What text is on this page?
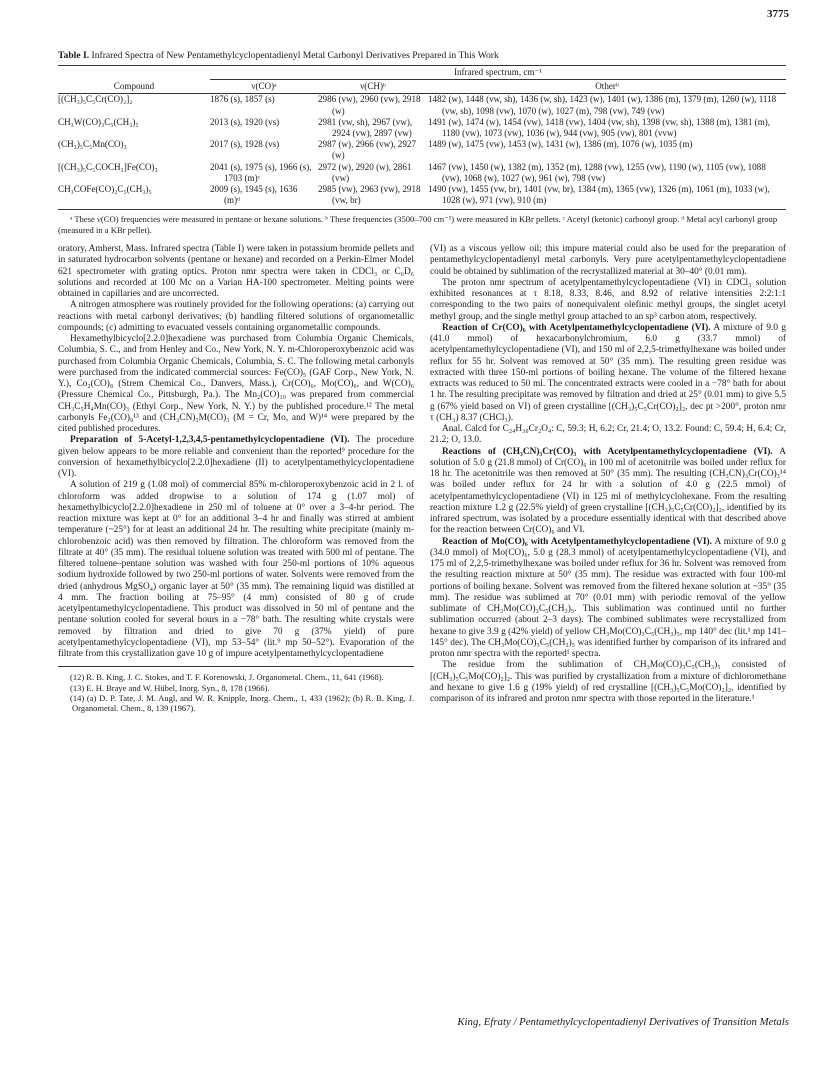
3775
Table I. Infrared Spectra of New Pentamethylcyclopentadienyl Metal Carbonyl Derivatives Prepared in This Work
	Infrared spectrum, cm⁻¹		
Compound	ν(CO)ᵃ	ν(CH)ᵇ	Otherᵇ
[(CH₃)₅C₅Cr(CO)₂]₂	1876 (s), 1857 (s)	2986 (vw), 2960 (vw), 2918 (w)	1482 (w), 1448 (vw, sh), 1436 (w, sh), 1423 (w), 1401 (w), 1386 (m), 1379 (m), 1260 (w), 1118 (vw, sh), 1098 (vw), 1070 (w), 1027 (m), 798 (vw), 749 (vw)

CH₃W(CO)₃C₅(CH₃)₅	2013 (s), 1920 (vs)	2981 (vw, sh), 2967 (vw), 2924 (vw), 2897 (vw)	1491 (w), 1474 (w), 1454 (vw), 1418 (vw), 1404 (vw, sh), 1398 (vw, sh), 1388 (m), 1381 (m), 1180 (vw), 1073 (vw), 1036 (w), 944 (vw), 905 (vw), 801 (vvw)

(CH₃)₅C₅Mn(CO)₃	2017 (s), 1928 (vs)	2987 (w), 2966 (vw), 2927 (w)	1489 (w), 1475 (vw), 1453 (w), 1431 (w), 1386 (m), 1076 (w), 1035 (m)

[(CH₃)₅C₅COCH₃]Fe(CO)₃	2041 (s), 1975 (s), 1966 (s), 1703 (m)ᶜ	2972 (w), 2920 (w), 2861 (vw)	1467 (vw), 1450 (w), 1382 (m), 1352 (m), 1288 (vw), 1255 (vw), 1190 (w), 1105 (vw), 1088 (vw), 1068 (w), 1027 (w), 961 (w), 798 (vw)

CH₃COFe(CO)₂C₅(CH₃)₅	2009 (s), 1945 (s), 1636 (m)ᵈ	2985 (vw), 2963 (vw), 2918 (vw, br)	1490 (vw), 1455 (vw, br), 1401 (vw, br), 1384 (m), 1365 (vw), 1326 (m), 1061 (m), 1033 (w), 1028 (w), 971 (vw), 910 (m)
ᵃ These ν(CO) frequencies were measured in pentane or hexane solutions. ᵇ These frequencies (3500–700 cm⁻¹) were measured in KBr pellets. ᶜ Acetyl (ketonic) carbonyl group. ᵈ Metal acyl carbonyl group (measured in a KBr pellet).

oratory, Amherst, Mass. Infrared spectra (Table I) were taken in potassium bromide pellets and in saturated hydrocarbon solvents (pentane or hexane) and recorded on a Perkin-Elmer Model 621 spectrometer with grating optics. Proton nmr spectra were taken in CDCl₃ or C₆D₆ solutions and recorded at 100 Mc on a Varian HA-100 spectrometer. Melting points were obtained in capillaries and are uncorrected.

A nitrogen atmosphere was routinely provided for the following operations: (a) carrying out reactions with metal carbonyl derivatives; (b) handling filtered solutions of organometallic compounds; (c) admitting to evacuated vessels containing organometallic compounds.

Hexamethylbicyclo[2.2.0]hexadiene was purchased from Columbia Organic Chemicals, Columbia, S. C., and from Henley and Co., New York, N. Y. m-Chloroperoxybenzoic acid was purchased from Columbia Organic Chemicals, Columbia, S. C. The following metal carbonyls were purchased from the indicated commercial sources: Fe(CO)₅ (GAF Corp., New York, N. Y.), Co₂(CO)₈ (Strem Chemical Co., Danvers, Mass.), Cr(CO)₆, Mo(CO)₆, and W(CO)₆ (Pressure Chemical Co., Pittsburgh, Pa.). The Mn₂(CO)₁₀ was prepared from commercial CH₃C₅H₄Mn(CO)₃ (Ethyl Corp., New York, N. Y.) by the published procedure.¹² The metal carbonyls Fe₂(CO)₉¹³ and (CH₃CN)₃M(CO)₃ (M = Cr, Mo, and W)¹⁴ were prepared by the cited published procedures.

Preparation of 5-Acetyl-1,2,3,4,5-pentamethylcyclopentadiene (VI). The procedure given below appears to be more reliable and convenient than the reported⁹ procedure for the conversion of hexamethylbicyclo[2.2.0]hexadiene (II) to acetylpentamethylcyclopentadiene (VI).

A solution of 219 g (1.08 mol) of commercial 85% m-chloroperoxybenzoic acid in 2 l. of chloroform was added dropwise to a solution of 174 g (1.07 mol) of hexamethylbicyclo[2.2.0]hexadiene in 250 ml of toluene at 0° over a 3–4-hr period. The reaction mixture was kept at 0° for an additional 3–4 hr and finally was stirred at ambient temperature (~25°) for at least an additional 24 hr. The resulting white precipitate (mainly m-chlorobenzoic acid) was then removed by filtration. The chloroform was removed from the filtrate at 40° (35 mm). The residual toluene solution was treated with 500 ml of pentane. The filtered toluene–pentane solution was washed with four 250-ml portions of 10% aqueous sodium hydroxide followed by two 250-ml portions of water. Solvents were removed from the dried (anhydrous MgSO₄) organic layer at 50° (35 mm). The remaining liquid was distilled at 4 mm. The fraction boiling at 75–95° (4 mm) consisted of 80 g of crude acetylpentamethylcyclopentadiene. This product was dissolved in 50 ml of pentane and the pentane solution cooled for several hours in a −78° bath. The resulting white crystals were removed by filtration and dried to give 70 g (37% yield) of pure acetylpentamethylcyclopentadiene (VI), mp 53–54° (lit.⁹ mp 50–52°). Evaporation of the filtrate from this crystallization gave 10 g of impure acetylpentamethylcyclopentadiene

(12) R. B. King, J. C. Stokes, and T. F. Korenowski, J. Organometal. Chem., 11, 641 (1968).

(13) E. H. Braye and W. Hübel, Inorg. Syn., 8, 178 (1966).

(14) (a) D. P. Tate, J. M. Augl, and W. R. Knipple, Inorg. Chem., 1, 433 (1962); (b) R. B. King, J. Organometal. Chem., 8, 139 (1967).

(VI) as a viscous yellow oil; this impure material could also be used for the preparation of pentamethylcyclopentadienyl metal carbonyls. Very pure acetylpentamethylcyclopentadiene could be obtained by sublimation of the recrystallized material at 30–40° (0.01 mm).

The proton nmr spectrum of acetylpentamethylcyclopentadiene (VI) in CDCl₃ solution exhibited resonances at τ 8.18, 8.33, 8.46, and 8.92 of relative intensities 2:2:1:1 corresponding to the two pairs of nonequivalent olefinic methyl groups, the singlet acetyl methyl group, and the single methyl group attached to an sp³ carbon atom, respectively.

Reaction of Cr(CO)₆ with Acetylpentamethylcyclopentadiene (VI). A mixture of 9.0 g (41.0 mmol) of hexacarbonylchromium, 6.0 g (33.7 mmol) of acetylpentamethylcyclopentadiene (VI), and 150 ml of 2,2,5-trimethylhexane was boiled under reflux for 55 hr. Solvent was removed at 50° (35 mm). The resulting green residue was extracted with three 150-ml portions of boiling hexane. The volume of the filtered hexane extracts was reduced to 50 ml. The concentrated extracts were cooled in a −78° bath for about 1 hr. The resulting precipitate was removed by filtration and dried at 25° (0.01 mm) to give 5.5 g (67% yield based on VI) of green crystalline [(CH₃)₅C₅Cr(CO)₂]₂, dec pt >200°, proton nmr τ (CH₃) 8.37 (CHCl₃).

Anal. Calcd for C₂₄H₃₀Cr₂O₄: C, 59.3; H, 6.2; Cr, 21.4; O, 13.2. Found: C, 59.4; H, 6.4; Cr, 21.2; O, 13.0.

Reactions of (CH₃CN)₃Cr(CO)₃ with Acetylpentamethylcyclopentadiene (VI). A solution of 5.0 g (21.8 mmol) of Cr(CO)₆ in 100 ml of acetonitrile was boiled under reflux for 18 hr. The acetonitrile was then removed at 50° (35 mm). The resulting (CH₃CN)₃Cr(CO)₃¹⁴ was boiled under reflux for 24 hr with a solution of 4.0 g (22.5 mmol) of acetylpentamethylcyclopentadiene (VI) in 125 ml of methylcyclohexane. From the resulting reaction mixture 1.2 g (22.5% yield) of green crystalline [(CH₃)₅C₅Cr(CO)₂]₂, identified by its infrared spectrum, was isolated by a procedure essentially identical with that described above for the reaction between Cr(CO)₆ and VI.

Reaction of Mo(CO)₆ with Acetylpentamethylcyclopentadiene (VI). A mixture of 9.0 g (34.0 mmol) of Mo(CO)₆, 5.0 g (28.3 mmol) of acetylpentamethylcyclopentadiene (VI), and 175 ml of 2,2,5-trimethylhexane was boiled under reflux for 36 hr. Solvent was removed from the resulting reaction mixture at 50° (35 mm). The residue was extracted with four 100-ml portions of boiling hexane. Solvent was removed from the filtered hexane solution at ~35° (35 mm). The residue was sublimed at 70° (0.01 mm) with periodic removal of the yellow sublimate of CH₃Mo(CO)₃C₅(CH₃)₅. This sublimation was continued until no further sublimation occurred (about 2–3 days). The combined sublimates were recrystallized from hexane to give 3.9 g (42% yield) of yellow CH₃Mo(CO)₃C₅(CH₃)₅, mp 140° dec (lit.¹ mp 141–145° dec). The CH₃Mo(CO)₃C₅(CH₃)₅ was identified further by comparison of its infrared and proton nmr spectra with the reported¹ spectra.

The residue from the sublimation of CH₃Mo(CO)₃C₅(CH₃)₅ consisted of [(CH₃)₅C₅Mo(CO)₂]₂. This was purified by crystallization from a mixture of dichloromethane and hexane to give 1.6 g (19% yield) of red crystalline [(CH₃)₅C₅Mo(CO)₂]₂, identified by comparison of its infrared and proton nmr spectra with those reported in the literature.¹

King, Efraty / Pentamethylcyclopentadienyl Derivatives of Transition Metals
